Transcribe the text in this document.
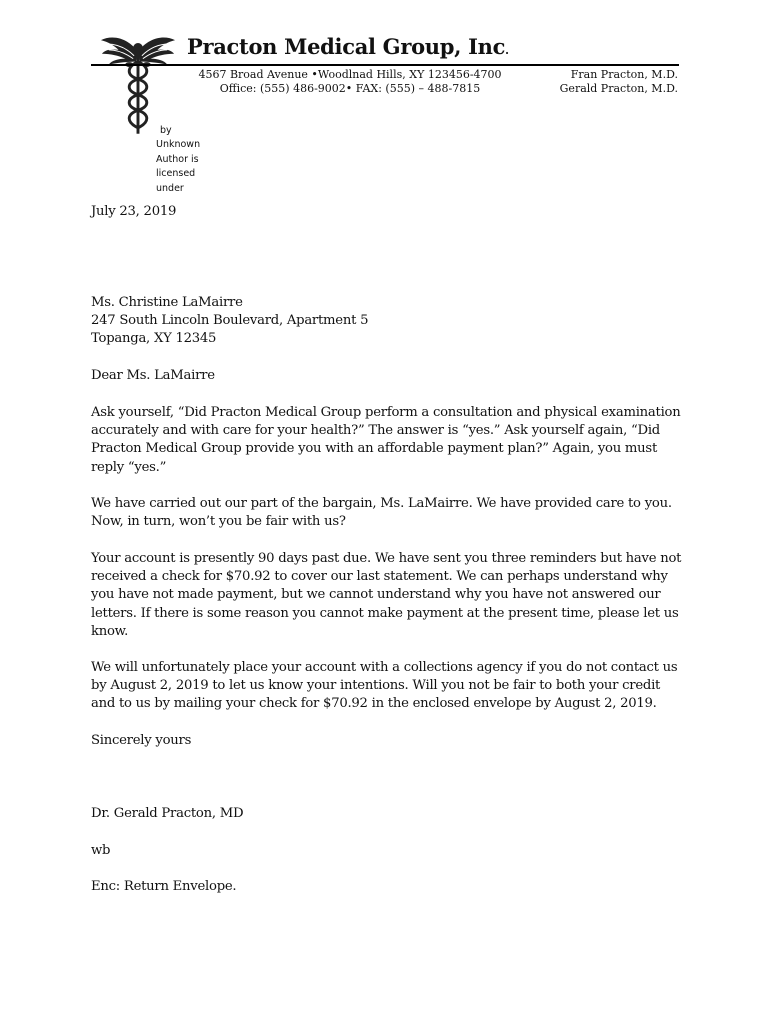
Practon Medical Group, Inc.
4567 Broad Avenue •Woodlnad Hills, XY 123456-4700
Office: (555) 486-9002• FAX: (555) – 488-7815
Fran Practon, M.D.
Gerald Practon, M.D.
by
Unknown
Author is
licensed
under
July 23, 2019
Ms. Christine LaMairre
247 South Lincoln Boulevard, Apartment 5
Topanga, XY 12345
Dear Ms. LaMairre
Ask yourself, “Did Practon Medical Group perform a consultation and physical examination
accurately and with care for your health?” The answer is “yes.” Ask yourself again, “Did
Practon Medical Group provide you with an affordable payment plan?” Again, you must
reply “yes.”
We have carried out our part of the bargain, Ms. LaMairre. We have provided care to you.
Now, in turn, won’t you be fair with us?
Your account is presently 90 days past due. We have sent you three reminders but have not
received a check for $70.92 to cover our last statement. We can perhaps understand why
you have not made payment, but we cannot understand why you have not answered our
letters. If there is some reason you cannot make payment at the present time, please let us
know.
We will unfortunately place your account with a collections agency if you do not contact us
by August 2, 2019 to let us know your intentions. Will you not be fair to both your credit
and to us by mailing your check for $70.92 in the enclosed envelope by August 2, 2019.
Sincerely yours
Dr. Gerald Practon, MD
wb
Enc: Return Envelope.
